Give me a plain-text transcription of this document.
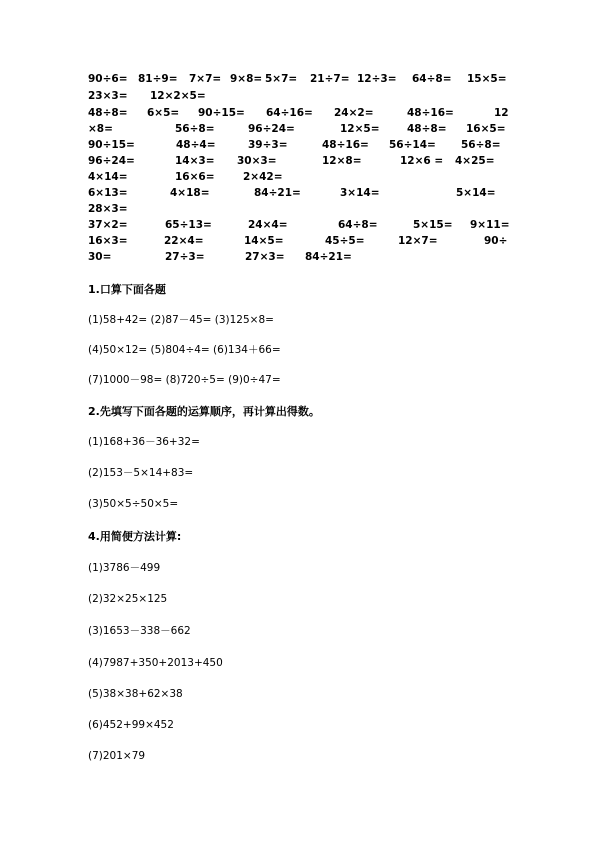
90÷6= 81÷9= 7×7= 9×8= 5×7= 21÷7= 12÷3= 64÷8= 15×5=
23×3= 12×2×5=
48÷8= 6×5= 90÷15= 64÷16= 24×2=	48÷16=	12
×8=	56÷8=	96÷24=	12×5=	48÷8= 16×5=
90÷15=	48÷4=	39÷3=	48÷16= 56÷14= 56÷8=
96÷24=	14×3= 30×3=	12×8=	12×6 = 4×25=
4×14=	16×6=	2×42=
6×13=	4×18=	84÷21=	3×14=	5×14=
28×3=
37×2=	65÷13=	24×4=	64÷8=	5×15= 9×11=
16×3=	22×4=	14×5=	45÷5=	12×7=	90÷
30=	27÷3=	27×3= 84÷21=
1.口算下面各题
(1)58+42= (2)87－45= (3)125×8=
(4)50×12= (5)804÷4= (6)134＋66=
(7)1000－98= (8)720÷5= (9)0÷47=
2.先填写下面各题的运算顺序，再计算出得数。
(1)168+36－36+32=
(2)153－5×14+83=
(3)50×5÷50×5=
4.用简便方法计算:
(1)3786－499
(2)32×25×125
(3)1653－338－662
(4)7987+350+2013+450
(5)38×38+62×38
(6)452+99×452
(7)201×79
